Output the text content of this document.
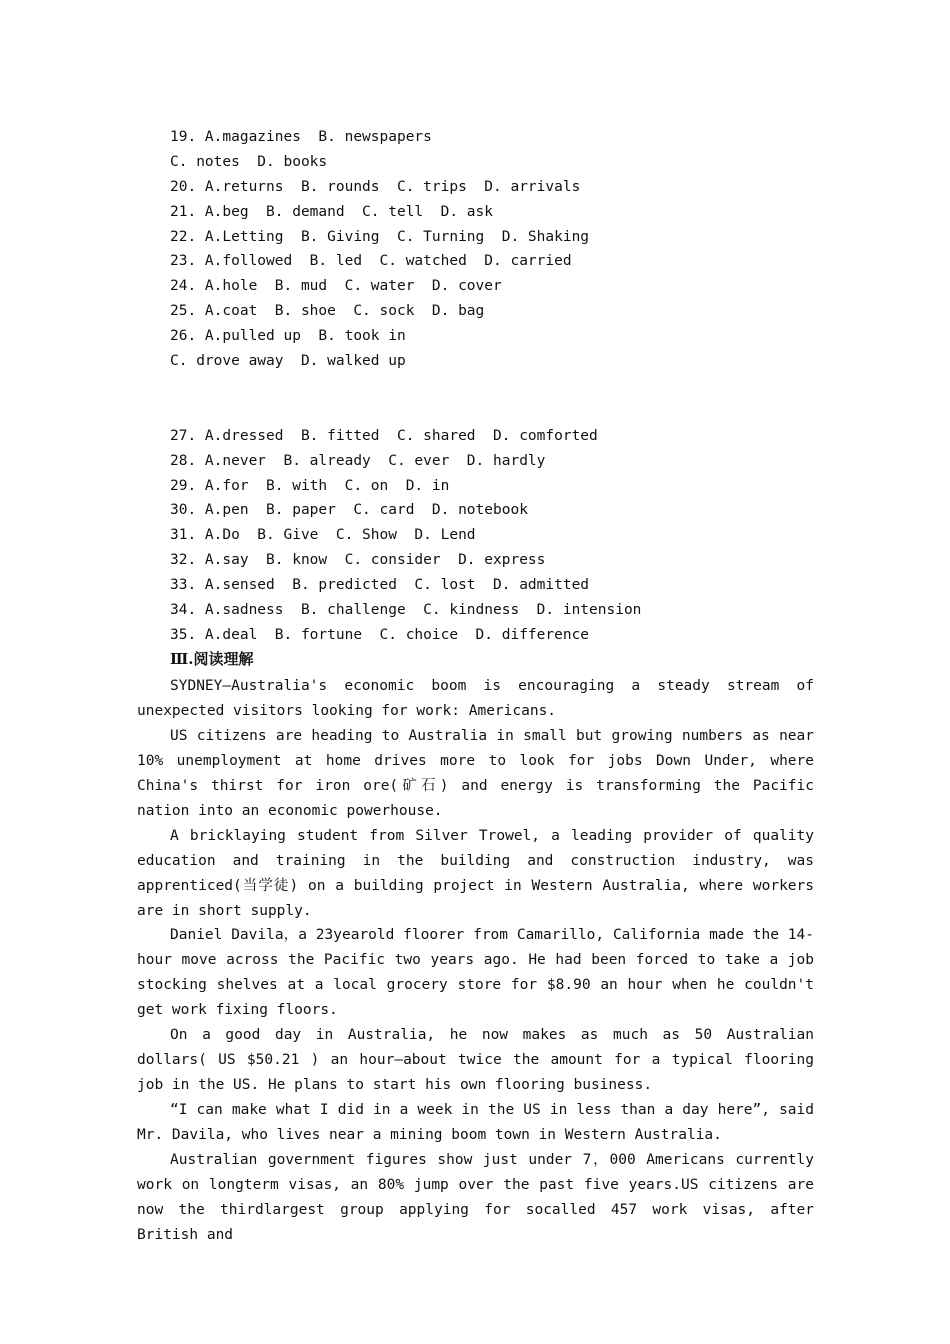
19. A.magazines  B. newspapers
C. notes  D. books
20. A.returns  B. rounds  C. trips  D. arrivals
21. A.beg  B. demand  C. tell  D. ask
22. A.Letting  B. Giving  C. Turning  D. Shaking
23. A.followed  B. led  C. watched  D. carried
24. A.hole  B. mud  C. water  D. cover
25. A.coat  B. shoe  C. sock  D. bag
26. A.pulled up  B. took in
C. drove away  D. walked up
27. A.dressed  B. fitted  C. shared  D. comforted
28. A.never  B. already  C. ever  D. hardly
29. A.for  B. with  C. on  D. in
30. A.pen  B. paper  C. card  D. notebook
31. A.Do  B. Give  C. Show  D. Lend
32. A.say  B. know  C. consider  D. express
33. A.sensed  B. predicted  C. lost  D. admitted
34. A.sadness  B. challenge  C. kindness  D. intension
35. A.deal  B. fortune  C. choice  D. difference
Ⅲ.阅读理解

SYDNEY—Australia's economic boom is encouraging a steady stream of unexpected visitors looking for work: Americans.

US citizens are heading to Australia in small but growing numbers as near 10% unemployment at home drives more to look for jobs Down Under, where China's thirst for iron ore(矿石) and energy is transforming the Pacific nation into an economic powerhouse.

A bricklaying student from Silver Trowel, a leading provider of quality education and training in the building and construction industry, was apprenticed(当学徒) on a building project in Western Australia, where workers are in short supply.

Daniel Davila，a 23yearold floorer from Camarillo, California made the 14-hour move across the Pacific two years ago. He had been forced to take a job stocking shelves at a local grocery store for $8.90 an hour when he couldn't get work fixing floors.

On a good day in Australia, he now makes as much as 50 Australian dollars( US $50.21 ) an hour—about twice the amount for a typical flooring job in the US. He plans to start his own flooring business.

“I can make what I did in a week in the US in less than a day here”, said Mr. Davila, who lives near a mining boom town in Western Australia.

Australian government figures show just under 7，000 Americans currently work on longterm visas, an 80% jump over the past five years.US citizens are now the thirdlargest group applying for socalled 457 work visas, after British and
